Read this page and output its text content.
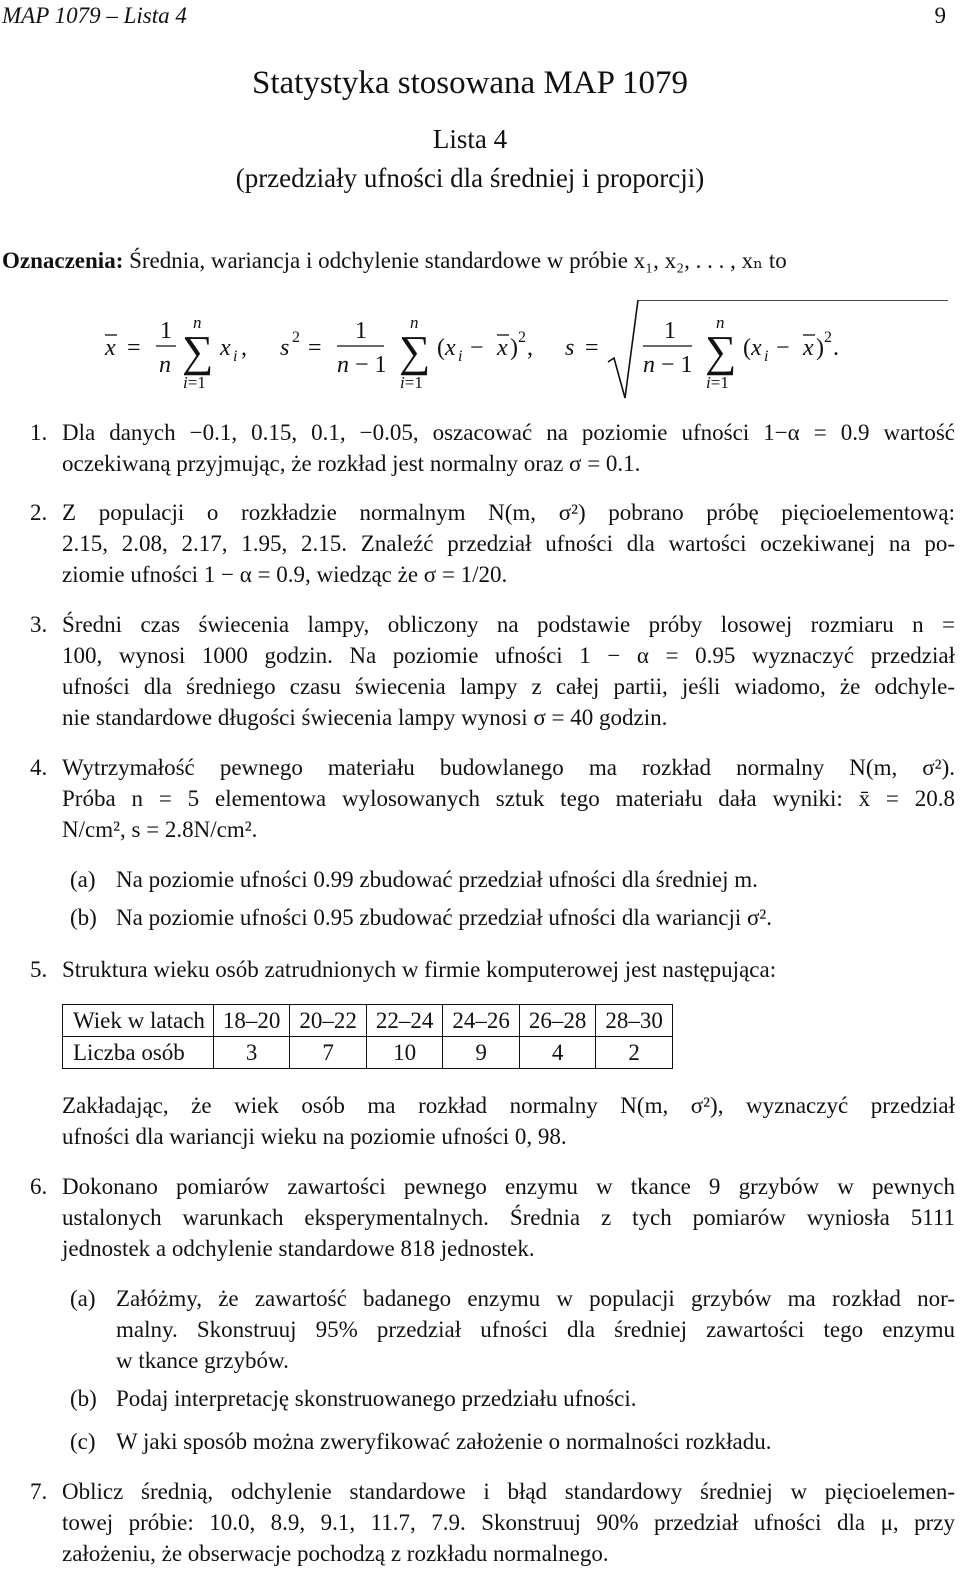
MAP 1079 – Lista 4	9
Statystyka stosowana MAP 1079
Lista 4
(przedziały ufności dla średniej i proporcji)
Oznaczenia: Średnia, wariancja i odchylenie standardowe w próbie x₁, x₂, . . . , xₙ to
x =
1
n
n
∑
i=1
x i , s 2 =
1
n − 1
n
∑
i=1
(x i − x ) 2 , s =
1
n − 1
n
∑
i=1
(x i − x ) 2 .
1. Dla danych −0.1, 0.15, 0.1, −0.05, oszacować na poziomie ufności 1−α = 0.9 wartość
oczekiwaną przyjmując, że rozkład jest normalny oraz σ = 0.1.
2. Z populacji o rozkładzie normalnym N(m, σ²) pobrano próbę pięcioelementową:
2.15, 2.08, 2.17, 1.95, 2.15. Znaleźć przedział ufności dla wartości oczekiwanej na po-
ziomie ufności 1 − α = 0.9, wiedząc że σ = 1/20.
3. Średni czas świecenia lampy, obliczony na podstawie próby losowej rozmiaru n =
100, wynosi 1000 godzin. Na poziomie ufności 1 − α = 0.95 wyznaczyć przedział
ufności dla średniego czasu świecenia lampy z całej partii, jeśli wiadomo, że odchyle-
nie standardowe długości świecenia lampy wynosi σ = 40 godzin.
4. Wytrzymałość pewnego materiału budowlanego ma rozkład normalny N(m, σ²).
Próba n = 5 elementowa wylosowanych sztuk tego materiału dała wyniki: x̄ = 20.8
N/cm², s = 2.8N/cm².
(a) Na poziomie ufności 0.99 zbudować przedział ufności dla średniej m.
(b) Na poziomie ufności 0.95 zbudować przedział ufności dla wariancji σ².
5. Struktura wieku osób zatrudnionych w firmie komputerowej jest następująca:
Wiek w latach	18–20	20–22	22–24	24–26	26–28	28–30
Liczba osób	3	7	10	9	4	2
Zakładając, że wiek osób ma rozkład normalny N(m, σ²), wyznaczyć przedział
ufności dla wariancji wieku na poziomie ufności 0, 98.
6. Dokonano pomiarów zawartości pewnego enzymu w tkance 9 grzybów w pewnych
ustalonych warunkach eksperymentalnych. Średnia z tych pomiarów wyniosła 5111
jednostek a odchylenie standardowe 818 jednostek.
(a) Załóżmy, że zawartość badanego enzymu w populacji grzybów ma rozkład nor-
malny. Skonstruuj 95% przedział ufności dla średniej zawartości tego enzymu
w tkance grzybów.
(b) Podaj interpretację skonstruowanego przedziału ufności.
(c) W jaki sposób można zweryfikować założenie o normalności rozkładu.
7. Oblicz średnią, odchylenie standardowe i błąd standardowy średniej w pięcioelemen-
towej próbie: 10.0, 8.9, 9.1, 11.7, 7.9. Skonstruuj 90% przedział ufności dla μ, przy
założeniu, że obserwacje pochodzą z rozkładu normalnego.
